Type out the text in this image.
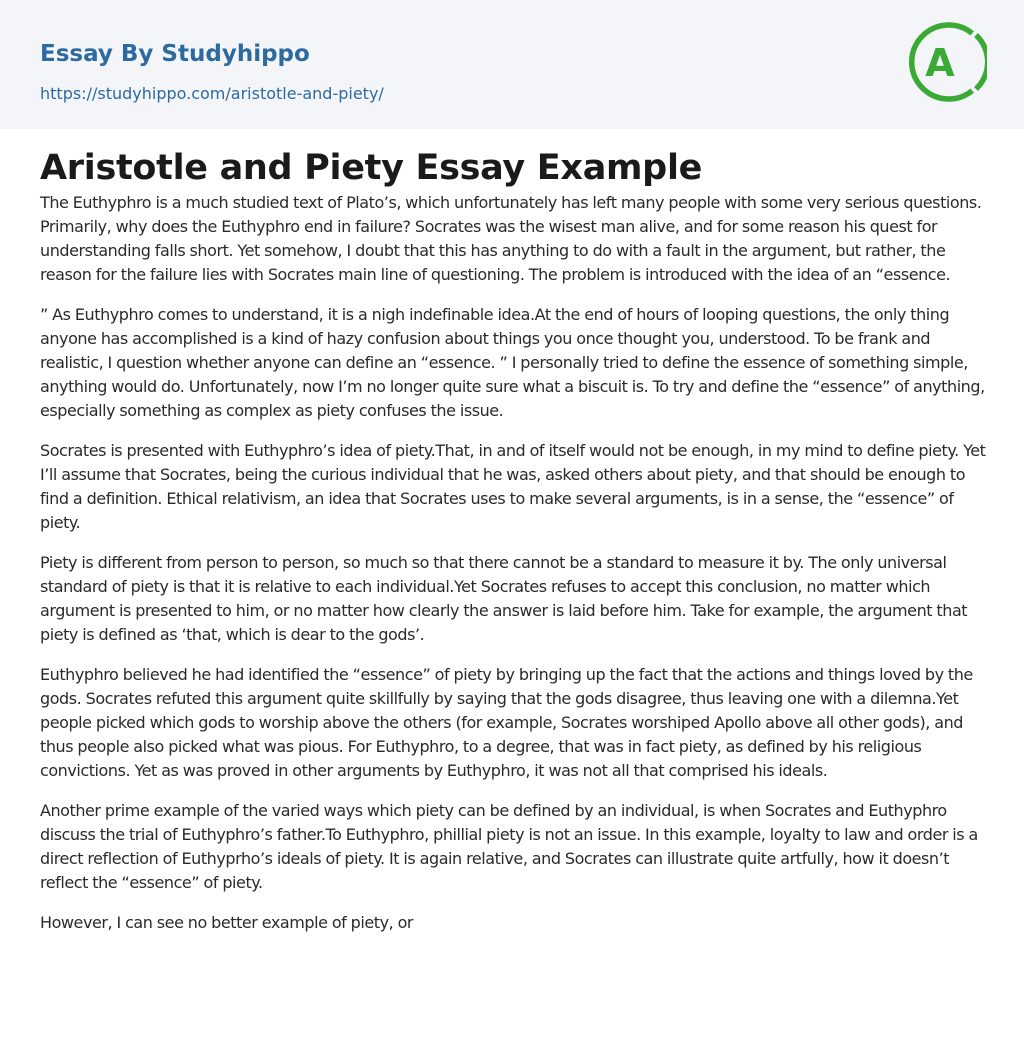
Essay By Studyhippo
https://studyhippo.com/aristotle-and-piety/
A
Aristotle and Piety Essay Example

The Euthyphro is a much studied text of Plato’s, which unfortunately has left many people with some very serious questions. Primarily, why does the Euthyphro end in failure? Socrates was the wisest man alive, and for some reason his quest for understanding falls short. Yet somehow, I doubt that this has anything to do with a fault in the argument, but rather, the reason for the failure lies with Socrates main line of questioning. The problem is introduced with the idea of an “essence.

” As Euthyphro comes to understand, it is a nigh indefinable idea.At the end of hours of looping questions, the only thing anyone has accomplished is a kind of hazy confusion about things you once thought you, understood. To be frank and realistic, I question whether anyone can define an “essence. ” I personally tried to define the essence of something simple, anything would do. Unfortunately, now I’m no longer quite sure what a biscuit is. To try and define the “essence” of anything, especially something as complex as piety confuses the issue.

Socrates is presented with Euthyphro’s idea of piety.That, in and of itself would not be enough, in my mind to define piety. Yet I’ll assume that Socrates, being the curious individual that he was, asked others about piety, and that should be enough to find a definition. Ethical relativism, an idea that Socrates uses to make several arguments, is in a sense, the “essence” of piety.

Piety is different from person to person, so much so that there cannot be a standard to measure it by. The only universal standard of piety is that it is relative to each individual.Yet Socrates refuses to accept this conclusion, no matter which argument is presented to him, or no matter how clearly the answer is laid before him. Take for example, the argument that piety is defined as ‘that, which is dear to the gods’.

Euthyphro believed he had identified the “essence” of piety by bringing up the fact that the actions and things loved by the gods. Socrates refuted this argument quite skillfully by saying that the gods disagree, thus leaving one with a dilemna.Yet people picked which gods to worship above the others (for example, Socrates worshiped Apollo above all other gods), and thus people also picked what was pious. For Euthyphro, to a degree, that was in fact piety, as defined by his religious convictions. Yet as was proved in other arguments by Euthyphro, it was not all that comprised his ideals.

Another prime example of the varied ways which piety can be defined by an individual, is when Socrates and Euthyphro discuss the trial of Euthyphro’s father.To Euthyphro, phillial piety is not an issue. In this example, loyalty to law and order is a direct reflection of Euthyprho’s ideals of piety. It is again relative, and Socrates can illustrate quite artfully, how it doesn’t reflect the “essence” of piety.

However, I can see no better example of piety, or
